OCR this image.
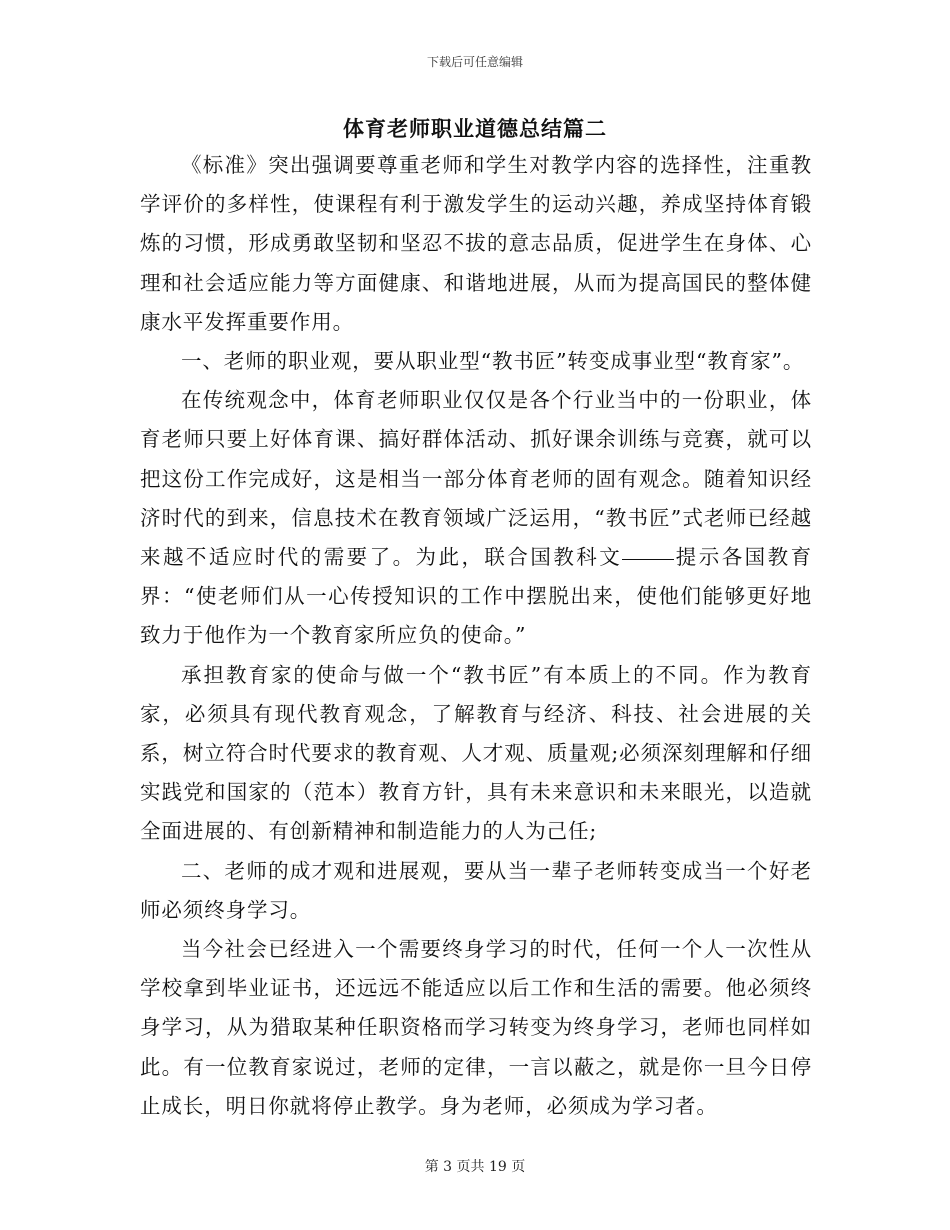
下载后可任意编辑
体育老师职业道德总结篇二

《标准》突出强调要尊重老师和学生对教学内容的选择性，注重教学评价的多样性，使课程有利于激发学生的运动兴趣，养成坚持体育锻炼的习惯，形成勇敢坚韧和坚忍不拔的意志品质，促进学生在身体、心理和社会适应能力等方面健康、和谐地进展，从而为提高国民的整体健康水平发挥重要作用。

一、老师的职业观，要从职业型“教书匠”转变成事业型“教育家”。

在传统观念中，体育老师职业仅仅是各个行业当中的一份职业，体育老师只要上好体育课、搞好群体活动、抓好课余训练与竞赛，就可以把这份工作完成好，这是相当一部分体育老师的固有观念。随着知识经济时代的到来，信息技术在教育领域广泛运用，“教书匠”式老师已经越来越不适应时代的需要了。为此，联合国教科文	提示各国教育界：“使老师们从一心传授知识的工作中摆脱出来，使他们能够更好地致力于他作为一个教育家所应负的使命。”

承担教育家的使命与做一个“教书匠”有本质上的不同。作为教育家，必须具有现代教育观念，了解教育与经济、科技、社会进展的关系，树立符合时代要求的教育观、人才观、质量观;必须深刻理解和仔细实践党和国家的（范本）教育方针，具有未来意识和未来眼光，以造就全面进展的、有创新精神和制造能力的人为己任;

二、老师的成才观和进展观，要从当一辈子老师转变成当一个好老师必须终身学习。

当今社会已经进入一个需要终身学习的时代，任何一个人一次性从学校拿到毕业证书，还远远不能适应以后工作和生活的需要。他必须终身学习，从为猎取某种任职资格而学习转变为终身学习，老师也同样如此。有一位教育家说过，老师的定律，一言以蔽之，就是你一旦今日停止成长，明日你就将停止教学。身为老师，必须成为学习者。

第 3 页共 19 页
